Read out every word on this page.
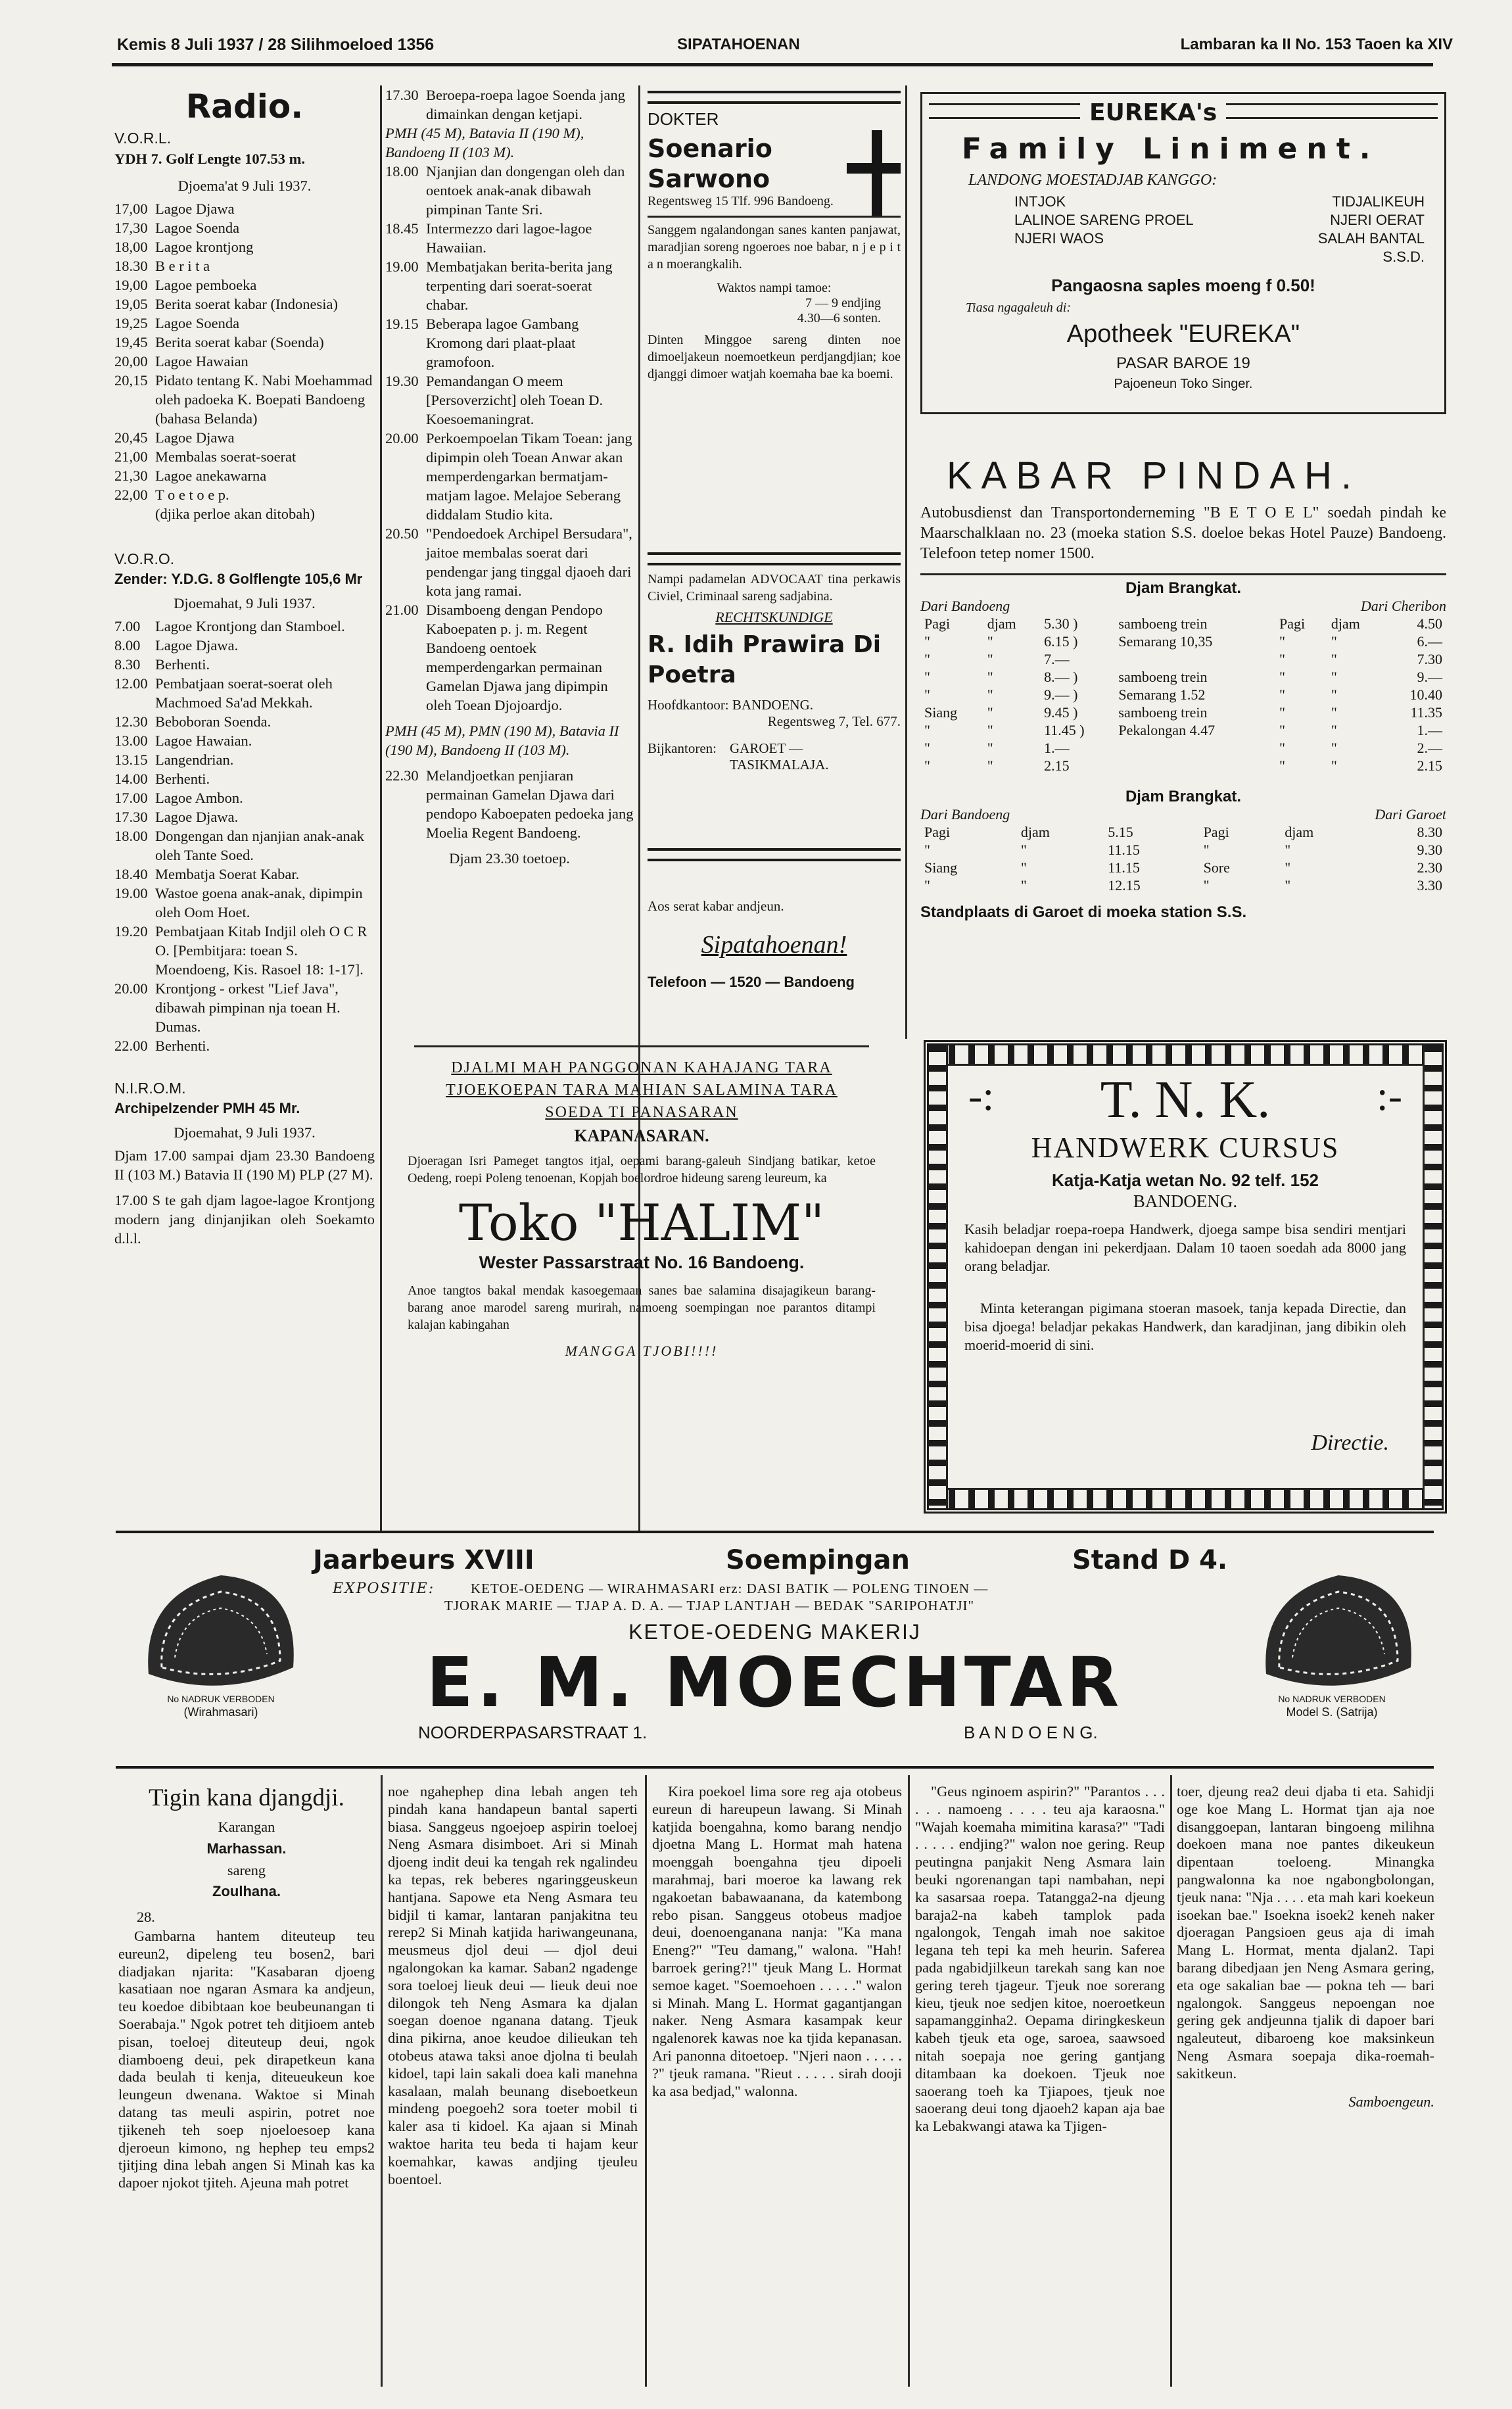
Kemis 8 Juli 1937 / 28 Silihmoeloed 1356	SIPATAHOENAN	Lambaran ka II No. 153 Taoen ka XIV
Radio.
V.O.R.L.
YDH 7. Golf Lengte 107.53 m.
Djoema'at 9 Juli 1937.
17,00 Lagoe Djawa
17,30 Lagoe Soenda
18,00 Lagoe krontjong
18.30 B e r i t a
19,00 Lagoe pemboeka
19,05 Berita soerat kabar (Indonesia)
19,25 Lagoe Soenda
19,45 Berita soerat kabar (Soenda)
20,00 Lagoe Hawaian
20,15 Pidato tentang K. Nabi Moehammad oleh padoeka K. Boepati Bandoeng (bahasa Belanda)
20,45 Lagoe Djawa
21,00 Membalas soerat-soerat
21,30 Lagoe anekawarna
22,00 T o e t o e p.
(djika perloe akan ditobah)
V.O.R.O.
Zender: Y.D.G. 8 Golflengte 105,6 Mr
Djoemahat, 9 Juli 1937.
7.00	Lagoe Krontjong dan Stamboel.
8.00	Lagoe Djawa.
8.30	Berhenti.
12.00 Pembatjaan soerat-soerat oleh Machmoed Sa'ad Mekkah.
12.30 Beboboran Soenda.
13.00 Lagoe Hawaian.
13.15 Langendrian.
14.00 Berhenti.
17.00 Lagoe Ambon.
17.30 Lagoe Djawa.
18.00 Dongengan dan njanjian anak-anak oleh Tante Soed.
18.40 Membatja Soerat Kabar.
19.00 Wastoe goena anak-anak, dipimpin oleh Oom Hoet.
19.20 Pembatjaan Kitab Indjil oleh O C R O. [Pembitjara: toean S. Moendoeng, Kis. Rasoel 18: 1-17].
20.00 Krontjong - orkest "Lief Java", dibawah pimpinan nja toean H. Dumas.
22.00 Berhenti.
N.I.R.O.M.
Archipelzender PMH 45 Mr.
Djoemahat, 9 Juli 1937.
Djam 17.00 sampai djam 23.30 Bandoeng II (103 M.) Batavia II (190 M) PLP (27 M).
17.00 S te gah djam lagoe-lagoe Krontjong modern jang dinjanjikan oleh Soekamto d.l.l.
17.30 Beroepa-roepa lagoe Soenda jang dimainkan dengan ketjapi.
PMH (45 M), Batavia II (190 M), Bandoeng II (103 M).
18.00 Njanjian dan dongengan oleh dan oentoek anak-anak dibawah pimpinan Tante Sri.
18.45 Intermezzo dari lagoe-lagoe Hawaiian.
19.00 Membatjakan berita-berita jang terpenting dari soerat-soerat chabar.
19.15 Beberapa lagoe Gambang Kromong dari plaat-plaat gramofoon.
19.30 Pemandangan O meem [Persoverzicht] oleh Toean D. Koesoemaningrat.
20.00 Perkoempoelan Tikam Toean: jang dipimpin oleh Toean Anwar akan memperdengarkan bermatjam-matjam lagoe. Melajoe Seberang diddalam Studio kita.
20.50 "Pendoedoek Archipel Bersudara", jaitoe membalas soerat dari pendengar jang tinggal djaoeh dari kota jang ramai.
21.00 Disamboeng dengan Pendopo Kaboepaten p. j. m. Regent Bandoeng oentoek memperdengarkan permainan Gamelan Djawa jang dipimpin oleh Toean Djojoardjo.
PMH (45 M), PMN (190 M), Batavia II (190 M), Bandoeng II (103 M).
22.30 Melandjoetkan penjiaran permainan Gamelan Djawa dari pendopo Kaboepaten pedoeka jang Moelia Regent Bandoeng.
Djam 23.30 toetoep.
DOKTER
Soenario
Sarwono
Regentsweg 15 Tlf. 996 Bandoeng.
Sanggem ngalandongan sanes kanten panjawat, maradjian soreng ngoeroes noe babar, n j e p i t a n moerangkalih.
Waktos nampi tamoe:
7 — 9 endjing
4.30—6 sonten.
Dinten Minggoe sareng dinten noe dimoeljakeun noemoetkeun perdjangdjian; koe djanggi dimoer watjah koemaha bae ka boemi.
Nampi padamelan ADVOCAAT tina perkawis Civiel, Criminaal sareng sadjabina.
RECHTSKUNDIGE
R. Idih Prawira Di Poetra
Hoofdkantoor: BANDOENG.
Regentsweg 7, Tel. 677.
Bijkantoren: GAROET — TASIKMALAJA.
Aos serat kabar andjeun.
Sipatahoenan!
Telefoon — 1520 — Bandoeng
EUREKA's
Family Liniment.
LANDONG MOESTADJAB KANGGO:
INTJOK
LALINOE SARENG PROEL
NJERI WAOS
TIDJALIKEUH
NJERI OERAT
SALAH BANTAL
S.S.D.
Pangaosna saples moeng f 0.50!
Tiasa ngagaleuh di:
Apotheek "EUREKA"
PASAR BAROE 19
Pajoeneun Toko Singer.
KABAR PINDAH.
Autobusdienst dan Transportonderneming "B E T O E L" soedah pindah ke Maarschalklaan no. 23 (moeka station S.S. doeloe bekas Hotel Pauze) Bandoeng. Telefoon tetep nomer 1500.
Djam Brangkat.
Dari Bandoeng	Dari Cheribon
Pagi	djam	5.30 )	samboeng trein	Pagi	djam	4.50
"	"	6.15 )	Semarang 10,35	"	"	6.—
"	"	7.—		"	"	7.30
"	"	8.— )	samboeng trein	"	"	9.—
"	"	9.— )	Semarang 1.52	"	"	10.40
Siang	"	9.45 )	samboeng trein	"	"	11.35
"	"	11.45 )	Pekalongan 4.47	"	"	1.—
"	"	1.—		"	"	2.—
"	"	2.15		"	"	2.15
Djam Brangkat.
Dari Bandoeng	Dari Garoet
Pagi	djam	5.15	Pagi	djam	8.30
"	"	11.15	"	"	9.30
Siang	"	11.15	Sore	"	2.30
"	"	12.15	"	"	3.30
Standplaats di Garoet di moeka station S.S.
DJALMI MAH PANGGONAN KAHAJANG TARA TJOEKOEPAN TARA MAHIAN SALAMINA TARA SOEDA TI PANASARAN
KAPANASARAN.
Djoeragan Isri Pameget tangtos itjal, oepami barang-galeuh Sindjang batikar, ketoe Oedeng, roepi Poleng tenoenan, Kopjah boelordroe hideung sareng leureum, ka
Toko "HALIM"
Wester Passarstraat No. 16 Bandoeng.
Anoe tangtos bakal mendak kasoegemaan sanes bae salamina disajagikeun barang-barang anoe marodel sareng murirah, namoeng soempingan noe parantos ditampi kalajan kabingahan
MANGGA TJOBI!!!!
-:	:-
T. N. K.
HANDWERK CURSUS
Katja-Katja wetan No. 92 telf. 152
BANDOENG.
Kasih beladjar roepa-roepa Handwerk, djoega sampe bisa sendiri mentjari kahidoepan dengan ini pekerdjaan. Dalam 10 taoen soedah ada 8000 jang orang beladjar.
Minta keterangan pigimana stoeran masoek, tanja kepada Directie, dan bisa djoega! beladjar pekakas Handwerk, dan karadjinan, jang dibikin oleh moerid-moerid di sini.
Directie.
No NADRUK VERBODEN
(Wirahmasari)
No NADRUK VERBODEN
Model S. (Satrija)
Jaarbeurs XVIII	Soempingan	Stand D 4.
EXPOSITIE:	KETOE-OEDENG — WIRAHMASARI erz: DASI BATIK — POLENG TINOEN —
TJORAK MARIE — TJAP A. D. A. — TJAP LANTJAH — BEDAK "SARIPOHATJI"
KETOE-OEDENG MAKERIJ
E. M. MOECHTAR
NOORDERPASARSTRAAT 1.	B A N D O E N G.
Tigin kana djangdji.
Karangan
Marhassan.
sareng
Zoulhana.
28.

Gambarna hantem diteuteup teu eureun2, dipeleng teu bosen2, bari diadjakan njarita: "Kasabaran djoeng kasatiaan noe ngaran Asmara ka andjeun, teu koedoe dibibtaan koe beubeunangan ti Soerabaja." Ngok potret teh ditjioem anteb pisan, toeloej diteuteup deui, ngok diamboeng deui, pek dirapetkeun kana dada beulah ti kenja, diteueukeun koe leungeun dwenana. Waktoe si Minah datang tas meuli aspirin, potret noe tjikeneh teh soep njoeloesoep kana djeroeun kimono, ng hephep teu emps2 tjitjing dina lebah angen Si Minah kas ka dapoer njokot tjiteh. Ajeuna mah potret

noe ngahephep dina lebah angen teh pindah kana handapeun bantal saperti biasa. Sanggeus ngoejoep aspirin toeloej Neng Asmara disimboet. Ari si Minah djoeng indit deui ka tengah rek ngalindeu ka tepas, rek beberes ngaringgeuskeun hantjana. Sapowe eta Neng Asmara teu bidjil ti kamar, lantaran panjakitna teu rerep2 Si Minah katjida hariwangeunana, meusmeus djol deui — djol deui ngalongokan ka kamar. Saban2 ngadenge sora toeloej lieuk deui — lieuk deui noe dilongok teh Neng Asmara ka djalan soegan doenoe nganana datang. Tjeuk dina pikirna, anoe keudoe dilieukan teh otobeus atawa taksi anoe djolna ti beulah kidoel, tapi lain sakali doea kali manehna kasalaan, malah beunang diseboetkeun mindeng poegoeh2 sora toeter mobil ti kaler asa ti kidoel. Ka ajaan si Minah waktoe harita teu beda ti hajam keur koemahkar, kawas andjing tjeuleu boentoel.

Kira poekoel lima sore reg aja otobeus eureun di hareupeun lawang. Si Minah katjida boengahna, komo barang nendjo djoetna Mang L. Hormat mah hatena moenggah boengahna tjeu dipoeli marahmaj, bari moeroe ka lawang rek ngakoetan babawaanana, da katembong rebo pisan. Sanggeus otobeus madjoe deui, doenoenganana nanja: "Ka mana Eneng?" "Teu damang," walona. "Hah! barroek gering?!" tjeuk Mang L. Hormat semoe kaget. "Soemoehoen . . . . ." walon si Minah. Mang L. Hormat gagantjangan naker. Neng Asmara kasampak keur ngalenorek kawas noe ka tjida kepanasan. Ari panonna ditoetoep. "Njeri naon . . . . . ?" tjeuk ramana. "Rieut . . . . . sirah dooji ka asa bedjad," walonna.

"Geus nginoem aspirin?" "Parantos . . . . . . namoeng . . . . teu aja karaosna." "Wajah koemaha mimitina karasa?" "Tadi . . . . . endjing?" walon noe gering. Reup peutingna panjakit Neng Asmara lain beuki ngorenangan tapi nambahan, nepi ka sasarsaa roepa. Tatangga2-na djeung baraja2-na kabeh tamplok pada ngalongok, Tengah imah noe sakitoe legana teh tepi ka meh heurin. Saferea pada ngabidjilkeun tarekah sang kan noe gering tereh tjageur. Tjeuk noe sorerang kieu, tjeuk noe sedjen kitoe, noeroetkeun sapamangginha2. Oepama diringkeskeun kabeh tjeuk eta oge, saroea, saawsoed nitah soepaja noe gering gantjang ditambaan ka doekoen. Tjeuk noe saoerang toeh ka Tjiapoes, tjeuk noe saoerang deui tong djaoeh2 kapan aja bae ka Lebakwangi atawa ka Tjigen-

toer, djeung rea2 deui djaba ti eta. Sahidji oge koe Mang L. Hormat tjan aja noe disanggoepan, lantaran bingoeng milihna doekoen mana noe pantes dikeukeun dipentaan toeloeng. Minangka pangwalonna ka noe ngabongbolongan, tjeuk nana: "Nja . . . . eta mah kari koekeun isoekan bae." Isoekna isoek2 keneh naker djoeragan Pangsioen geus aja di imah Mang L. Hormat, menta djalan2. Tapi barang dibedjaan jen Neng Asmara gering, eta oge sakalian bae — pokna teh — bari ngalongok. Sanggeus nepoengan noe gering gek andjeunna tjalik di dapoer bari ngaleuteut, dibaroeng koe maksinkeun Neng Asmara soepaja dika-roemah-sakitkeun.

Samboengeun.
